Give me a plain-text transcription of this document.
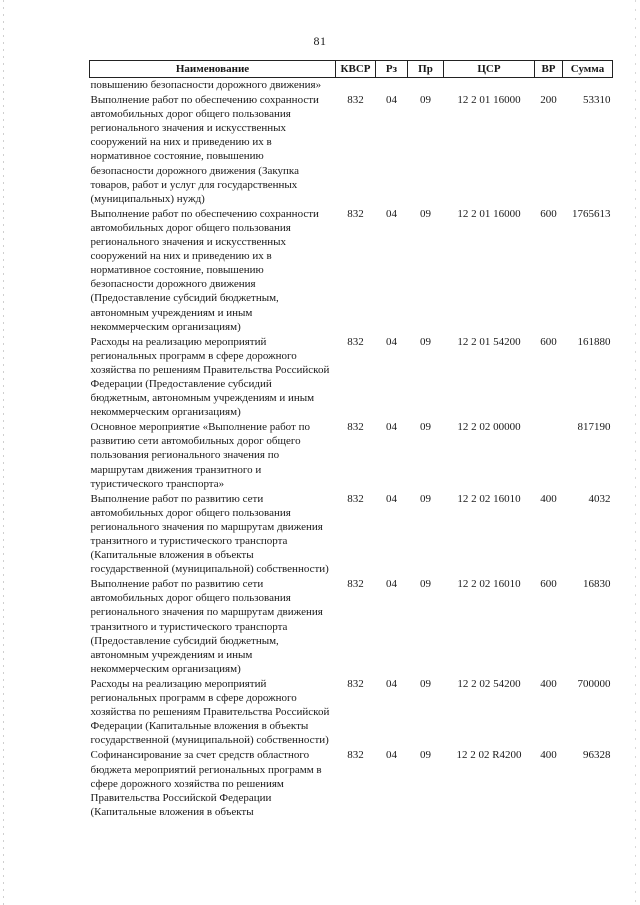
81
Наименование	КВСР	Рз	Пр	ЦСР	ВР	Сумма
повышению безопасности дорожного движения»						
Выполнение работ по обеспечению сохранности автомобильных дорог общего пользования регионального значения и искусственных сооружений на них и приведению их в нормативное состояние, повышению безопасности дорожного движения (Закупка товаров, работ и услуг для государственных (муниципальных) нужд)	832	04	09	12 2 01 16000	200	53310
Выполнение работ по обеспечению сохранности автомобильных дорог общего пользования регионального значения и искусственных сооружений на них и приведению их в нормативное состояние, повышению безопасности дорожного движения (Предоставление субсидий бюджетным, автономным учреждениям и иным некоммерческим организациям)	832	04	09	12 2 01 16000	600	1765613
Расходы на реализацию мероприятий региональных программ в сфере дорожного хозяйства по решениям Правительства Российской Федерации (Предоставление субсидий бюджетным, автономным учреждениям и иным некоммерческим организациям)	832	04	09	12 2 01 54200	600	161880
Основное мероприятие «Выполнение работ по развитию сети автомобильных дорог общего пользования регионального значения по маршрутам движения транзитного и туристического транспорта»	832	04	09	12 2 02 00000		817190
Выполнение работ по развитию сети автомобильных дорог общего пользования регионального значения по маршрутам движения транзитного и туристического транспорта (Капитальные вложения в объекты государственной (муниципальной) собственности)	832	04	09	12 2 02 16010	400	4032
Выполнение работ по развитию сети автомобильных дорог общего пользования регионального значения по маршрутам движения транзитного и туристического транспорта (Предоставление субсидий бюджетным, автономным учреждениям и иным некоммерческим организациям)	832	04	09	12 2 02 16010	600	16830
Расходы на реализацию мероприятий региональных программ в сфере дорожного хозяйства по решениям Правительства Российской Федерации (Капитальные вложения в объекты государственной (муниципальной) собственности)	832	04	09	12 2 02 54200	400	700000
Софинансирование за счет средств областного бюджета мероприятий региональных программ в сфере дорожного хозяйства по решениям Правительства Российской Федерации (Капитальные вложения в объекты	832	04	09	12 2 02 R4200	400	96328
